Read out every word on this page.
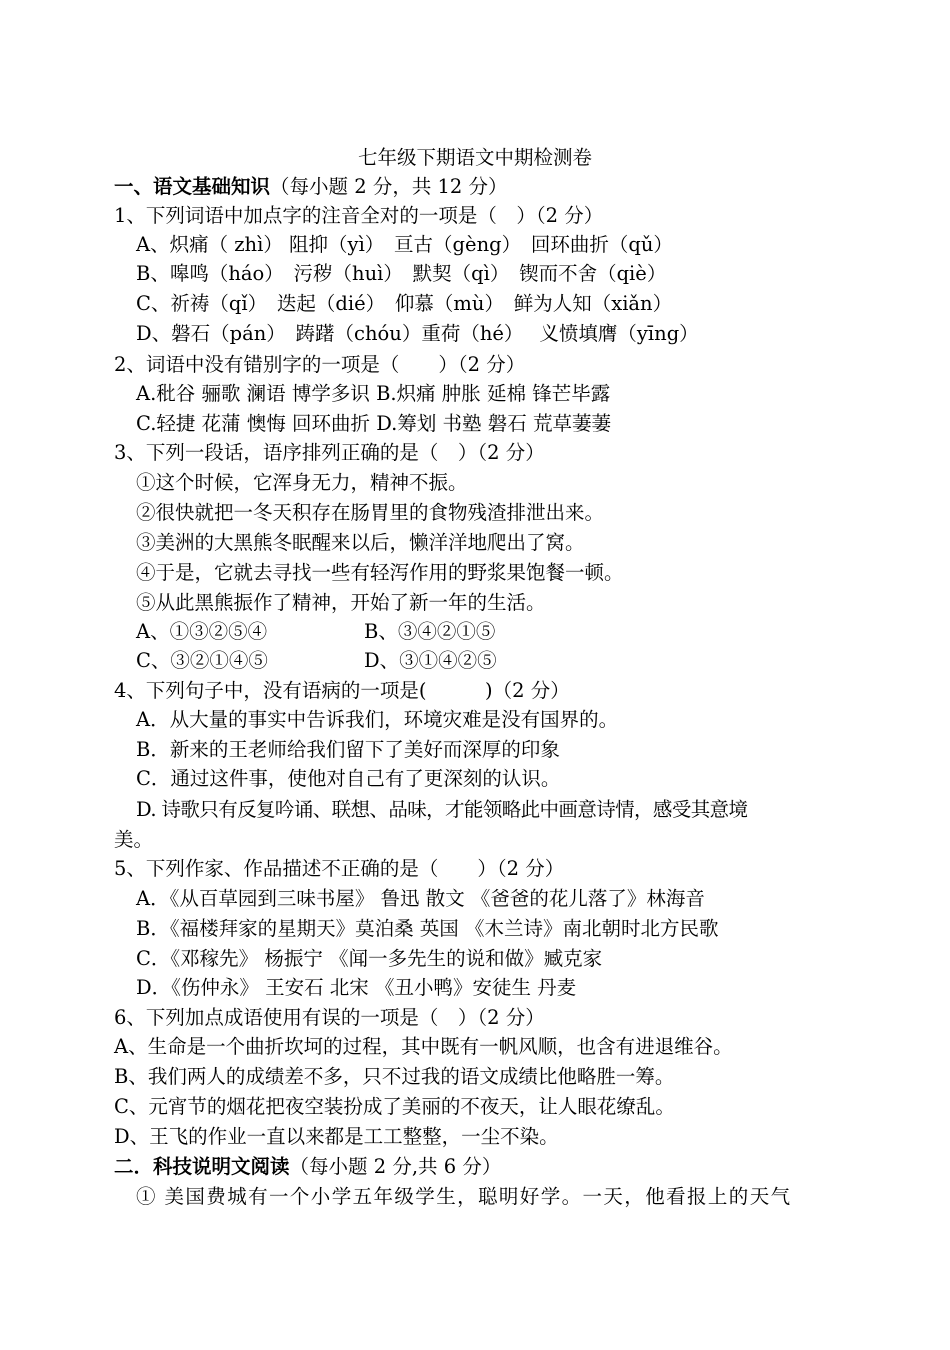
七年级下期语文中期检测卷
一、语文基础知识（每小题 2 分，共 12 分）
1、下列词语中加点字的注音全对的一项是（　）（2 分）
A、炽痛（ zhì） 阻抑（yì）　亘古（gèng）　回环曲折（qǔ）
B、嗥鸣（háo）　污秽（huì）　默契（qì）　锲而不舍（qiè）
C、祈祷（qǐ）　迭起（dié）　仰慕（mù）　鲜为人知（xiǎn）
D、磐石（pán）　踌躇（chóu）重荷（hé）　 义愤填膺（yīng）
2、词语中没有错别字的一项是（　　）（2 分）
A.秕谷 骊歌 澜语 博学多识 B.炽痛 肿胀 延棉 锋芒毕露
C.轻捷 花蒲 懊悔 回环曲折 D.筹划 书塾 磐石 荒草萋萋
3、下列一段话，语序排列正确的是（　）（2 分）
①这个时候，它浑身无力，精神不振。
②很快就把一冬天积存在肠胃里的食物残渣排泄出来。
③美洲的大黑熊冬眠醒来以后，懒洋洋地爬出了窝。
④于是，它就去寻找一些有轻泻作用的野浆果饱餐一顿。
⑤从此黑熊振作了精神，开始了新一年的生活。
A、①③②⑤④	B、③④②①⑤
C、③②①④⑤	D、③①④②⑤
4、下列句子中，没有语病的一项是(　　　)（2 分）
A．从大量的事实中告诉我们，环境灾难是没有国界的。
B．新来的王老师给我们留下了美好而深厚的印象
C．通过这件事，使他对自己有了更深刻的认识。
D. 诗歌只有反复吟诵、联想、品味，才能领略此中画意诗情，感受其意境
美。
5、下列作家、作品描述不正确的是（　　）（2 分）
A．《从百草园到三味书屋》 鲁迅 散文 《爸爸的花儿落了》林海音
B．《福楼拜家的星期天》莫泊桑 英国 《木兰诗》南北朝时北方民歌
C．《邓稼先》 杨振宁 《闻一多先生的说和做》臧克家
D．《伤仲永》 王安石 北宋 《丑小鸭》安徒生 丹麦
6、下列加点成语使用有误的一项是（　）（2 分）
A、生命是一个曲折坎坷的过程，其中既有一帆风顺，也含有进退维谷。
B、我们两人的成绩差不多，只不过我的语文成绩比他略胜一筹。
C、元宵节的烟花把夜空装扮成了美丽的不夜天，让人眼花缭乱。
D、王飞的作业一直以来都是工工整整，一尘不染。
二．科技说明文阅读（每小题 2 分,共 6 分）
① 美国费城有一个小学五年级学生，聪明好学。一天，他看报上的天气
